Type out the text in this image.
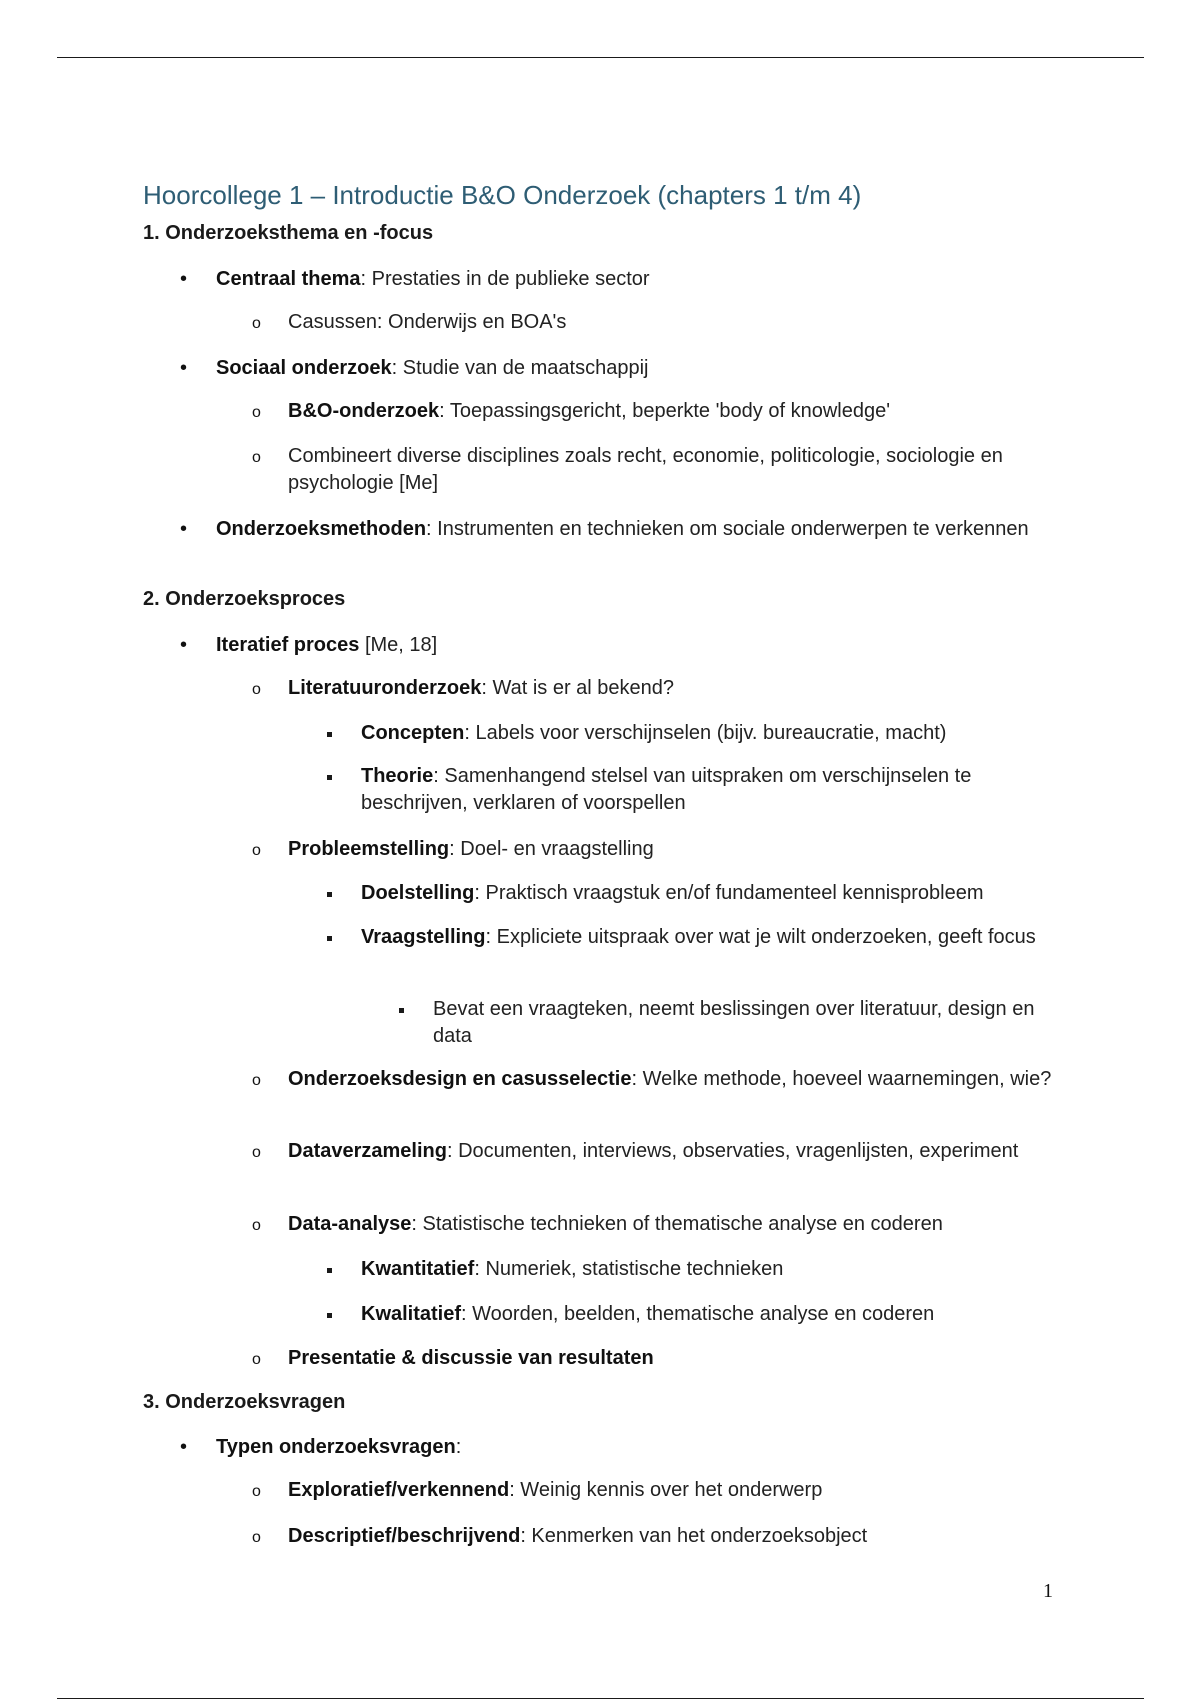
Hoorcollege 1 – Introductie B&O Onderzoek (chapters 1 t/m 4)
1. Onderzoeksthema en -focus
• Centraal thema: Prestaties in de publieke sector
o Casussen: Onderwijs en BOA's
• Sociaal onderzoek: Studie van de maatschappij
o B&O-onderzoek: Toepassingsgericht, beperkte 'body of knowledge'
o Combineert diverse disciplines zoals recht, economie, politicologie, sociologie en psychologie [Me]
• Onderzoeksmethoden: Instrumenten en technieken om sociale onderwerpen te verkennen
2. Onderzoeksproces
• Iteratief proces [Me, 18]
o Literatuuronderzoek: Wat is er al bekend?
Concepten: Labels voor verschijnselen (bijv. bureaucratie, macht)
Theorie: Samenhangend stelsel van uitspraken om verschijnselen te beschrijven, verklaren of voorspellen
o Probleemstelling: Doel- en vraagstelling
Doelstelling: Praktisch vraagstuk en/of fundamenteel kennisprobleem
Vraagstelling: Expliciete uitspraak over wat je wilt onderzoeken, geeft focus
Bevat een vraagteken, neemt beslissingen over literatuur, design en data
o Onderzoeksdesign en casusselectie: Welke methode, hoeveel waarnemingen, wie?
o Dataverzameling: Documenten, interviews, observaties, vragenlijsten, experiment
o Data-analyse: Statistische technieken of thematische analyse en coderen
Kwantitatief: Numeriek, statistische technieken
Kwalitatief: Woorden, beelden, thematische analyse en coderen
o Presentatie & discussie van resultaten
3. Onderzoeksvragen
• Typen onderzoeksvragen:
o Exploratief/verkennend: Weinig kennis over het onderwerp
o Descriptief/beschrijvend: Kenmerken van het onderzoeksobject
1
